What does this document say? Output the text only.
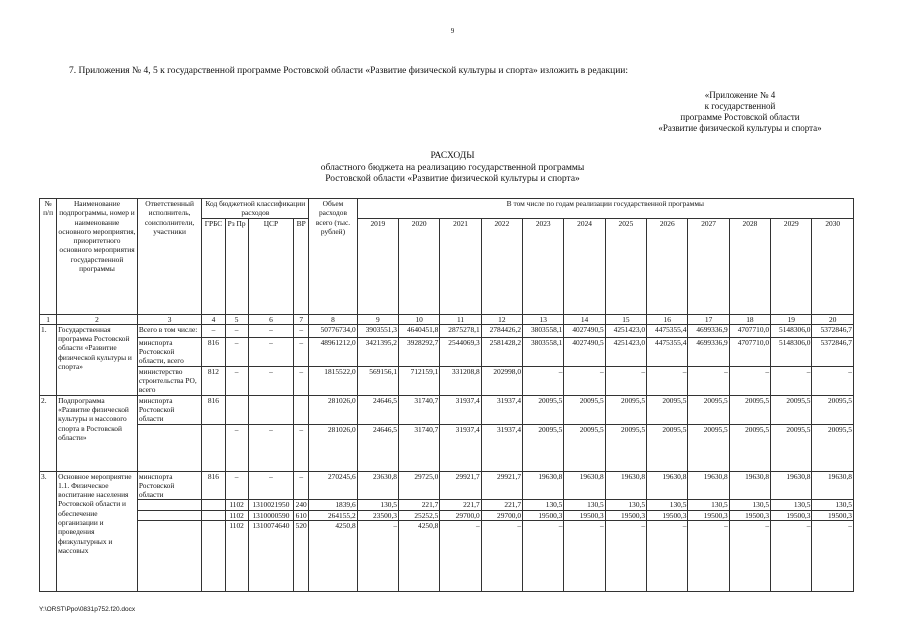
9
7. Приложения № 4, 5 к государственной программе Ростовской области «Развитие физической культуры и спорта» изложить в редакции:
«Приложение № 4
к государственной
программе Ростовской области
«Развитие физической культуры и спорта»
РАСХОДЫ
областного бюджета на реализацию государственной программы
Ростовской области «Развитие физической культуры и спорта»
№ п/п	Наименование подпрограммы, номер и наименование основного мероприятия, приоритетного основного мероприятия государственной программы	Ответственный исполнитель, соисполнители, участники	Код бюджетной классификации расходов				Объем расходов всего (тыс. рублей)	В том числе по годам реализации государственной программы											
			ГРБС	Рз Пр	ЦСР	ВР		2019	2020	2021	2022	2023	2024	2025	2026	2027	2028	2029	2030
1	2	3	4	5	6	7	8	9	10	11	12	13	14	15	16	17	18	19	20
1.	Государственная программа Ростовской области «Развитие физической культуры и спорта»	Всего в том числе:	–	–	–	–	50776734,0	3903551,3	4640451,8	2875278,1	2784426,2	3803558,1	4027490,5	4251423,0	4475355,4	4699336,9	4707710,0	5148306,0	5372846,7
		минспорта Ростовской области, всего	816	–	–	–	48961212,0	3421395,2	3928292,7	2544069,3	2581428,2	3803558,1	4027490,5	4251423,0	4475355,4	4699336,9	4707710,0	5148306,0	5372846,7
		министерство строительства РО, всего	812	–	–	–	1815522,0	569156,1	712159,1	331208,8	202998,0	–	–	–	–	–	–	–	–
2.	Подпрограмма «Развитие физической культуры и массового спорта в Ростовской области»	минспорта Ростовской области	816				281026,0	24646,5	31740,7	31937,4	31937,4	20095,5	20095,5	20095,5	20095,5	20095,5	20095,5	20095,5	20095,5
				–	–	–	281026,0	24646,5	31740,7	31937,4	31937,4	20095,5	20095,5	20095,5	20095,5	20095,5	20095,5	20095,5	20095,5
3.	Основное мероприятие 1.1. Физическое воспитание населения Ростовской области и обеспечение организации и проведения физкультурных и массовых	минспорта Ростовской области	816	–	–	–	270245,6	23630,8	29725,0	29921,7	29921,7	19630,8	19630,8	19630,8	19630,8	19630,8	19630,8	19630,8	19630,8
				1102	1310021950	240	1839,6	130,5	221,7	221,7	221,7	130,5	130,5	130,5	130,5	130,5	130,5	130,5	130,5
				1102	1310000590	610	264155,2	23500,3	25252,5	29700,0	29700,0	19500,3	19500,3	19500,3	19500,3	19500,3	19500,3	19500,3	19500,3
				1102	1310074640	520	4250,8	–	4250,8	–	–	–	–	–	–	–	–	–	–
Y:\ORST\Ppo\0831p752.f20.docx
